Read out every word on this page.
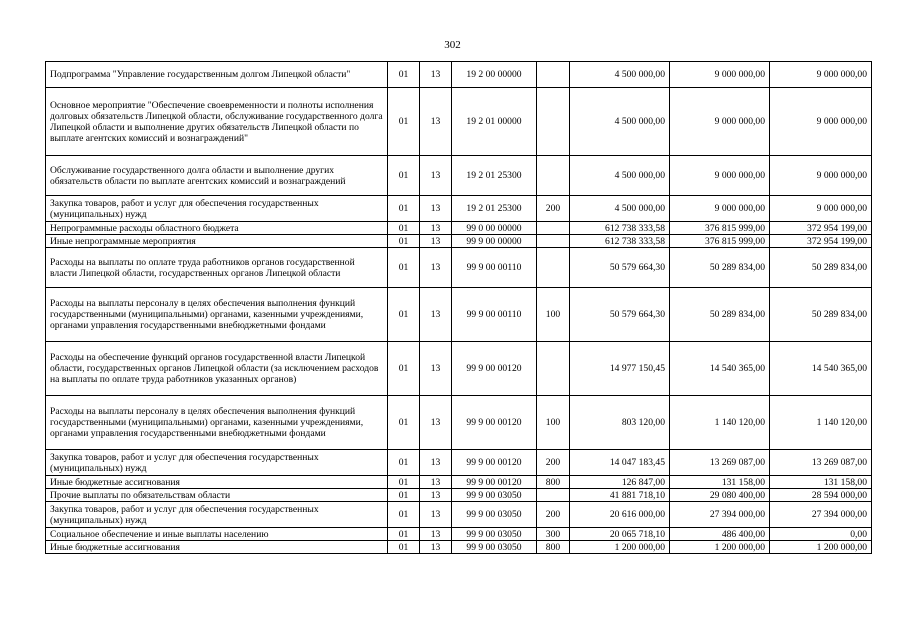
302
Подпрограмма "Управление государственным долгом Липецкой области"	01	13	19 2 00 00000		4 500 000,00	9 000 000,00	9 000 000,00
Основное мероприятие "Обеспечение своевременности и полноты исполнения долговых обязательств Липецкой области, обслуживание государственного долга Липецкой области и выполнение других обязательств Липецкой области по выплате агентских комиссий и вознаграждений"	01	13	19 2 01 00000		4 500 000,00	9 000 000,00	9 000 000,00
Обслуживание государственного долга области и выполнение других обязательств области по выплате агентских комиссий и вознаграждений	01	13	19 2 01 25300		4 500 000,00	9 000 000,00	9 000 000,00
Закупка товаров, работ и услуг для обеспечения государственных (муниципальных) нужд	01	13	19 2 01 25300	200	4 500 000,00	9 000 000,00	9 000 000,00
Непрограммные расходы областного бюджета	01	13	99 0 00 00000		612 738 333,58	376 815 999,00	372 954 199,00
Иные непрограммные мероприятия	01	13	99 9 00 00000		612 738 333,58	376 815 999,00	372 954 199,00
Расходы на выплаты по оплате труда работников органов государственной власти Липецкой области, государственных органов Липецкой области	01	13	99 9 00 00110		50 579 664,30	50 289 834,00	50 289 834,00
Расходы на выплаты персоналу в целях обеспечения выполнения функций государственными (муниципальными) органами, казенными учреждениями, органами управления государственными внебюджетными фондами	01	13	99 9 00 00110	100	50 579 664,30	50 289 834,00	50 289 834,00
Расходы на обеспечение функций органов государственной власти Липецкой области, государственных органов Липецкой области (за исключением расходов на выплаты по оплате труда работников указанных органов)	01	13	99 9 00 00120		14 977 150,45	14 540 365,00	14 540 365,00
Расходы на выплаты персоналу в целях обеспечения выполнения функций государственными (муниципальными) органами, казенными учреждениями, органами управления государственными внебюджетными фондами	01	13	99 9 00 00120	100	803 120,00	1 140 120,00	1 140 120,00
Закупка товаров, работ и услуг для обеспечения государственных (муниципальных) нужд	01	13	99 9 00 00120	200	14 047 183,45	13 269 087,00	13 269 087,00
Иные бюджетные ассигнования	01	13	99 9 00 00120	800	126 847,00	131 158,00	131 158,00
Прочие выплаты по обязательствам области	01	13	99 9 00 03050		41 881 718,10	29 080 400,00	28 594 000,00
Закупка товаров, работ и услуг для обеспечения государственных (муниципальных) нужд	01	13	99 9 00 03050	200	20 616 000,00	27 394 000,00	27 394 000,00
Социальное обеспечение и иные выплаты населению	01	13	99 9 00 03050	300	20 065 718,10	486 400,00	0,00
Иные бюджетные ассигнования	01	13	99 9 00 03050	800	1 200 000,00	1 200 000,00	1 200 000,00
